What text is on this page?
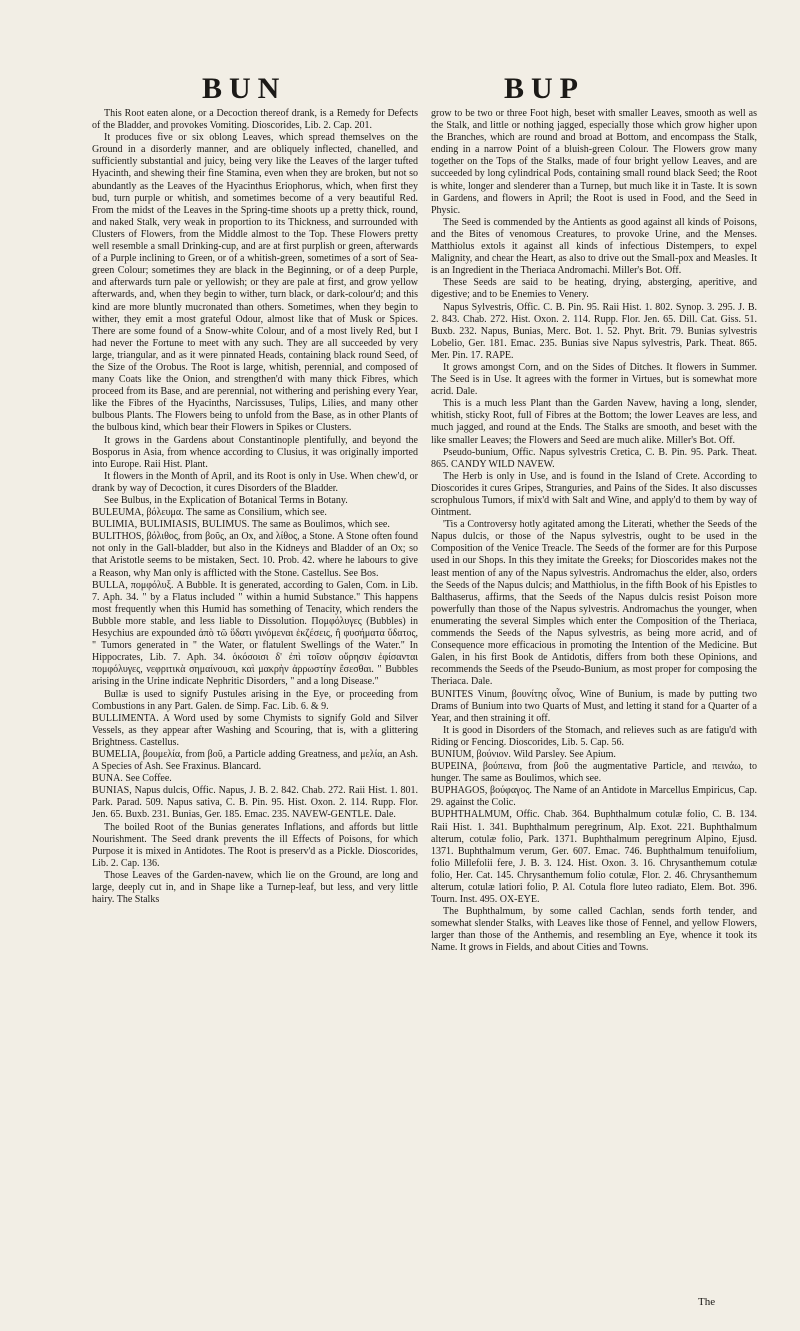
BUN	BUP

This Root eaten alone, or a Decoction thereof drank, is a Remedy for Defects of the Bladder, and provokes Vomiting. Dioscorides, Lib. 2. Cap. 201.

It produces five or six oblong Leaves, which spread themselves on the Ground in a disorderly manner, and are obliquely inflected, chanelled, and sufficiently substantial and juicy, being very like the Leaves of the larger tufted Hyacinth, and shewing their fine Stamina, even when they are broken, but not so abundantly as the Leaves of the Hyacinthus Eriophorus, which, when first they bud, turn purple or whitish, and sometimes become of a very beautiful Red. From the midst of the Leaves in the Spring-time shoots up a pretty thick, round, and naked Stalk, very weak in proportion to its Thickness, and surrounded with Clusters of Flowers, from the Middle almost to the Top. These Flowers pretty well resemble a small Drinking-cup, and are at first purplish or green, afterwards of a Purple inclining to Green, or of a whitish-green, sometimes of a sort of Sea-green Colour; sometimes they are black in the Beginning, or of a deep Purple, and afterwards turn pale or yellowish; or they are pale at first, and grow yellow afterwards, and, when they begin to wither, turn black, or dark-colour'd; and this kind are more bluntly mucronated than others. Sometimes, when they begin to wither, they emit a most grateful Odour, almost like that of Musk or Spices. There are some found of a Snow-white Colour, and of a most lively Red, but I had never the Fortune to meet with any such. They are all succeeded by very large, triangular, and as it were pinnated Heads, containing black round Seed, of the Size of the Orobus. The Root is large, whitish, perennial, and composed of many Coats like the Onion, and strengthen'd with many thick Fibres, which proceed from its Base, and are perennial, not withering and perishing every Year, like the Fibres of the Hyacinths, Narcissuses, Tulips, Lilies, and many other bulbous Plants. The Flowers being to unfold from the Base, as in other Plants of the bulbous kind, which bear their Flowers in Spikes or Clusters.

It grows in the Gardens about Constantinople plentifully, and beyond the Bosporus in Asia, from whence according to Clusius, it was originally imported into Europe. Raii Hist. Plant.

It flowers in the Month of April, and its Root is only in Use. When chew'd, or drank by way of Decoction, it cures Disorders of the Bladder.

See Bulbus, in the Explication of Botanical Terms in Botany.

BULEUMA, βόλευμα. The same as Consilium, which see.

BULIMIA, BULIMIASIS, BULIMUS. The same as Boulimos, which see.

BULITHOS, βόλιθος, from βοῦς, an Ox, and λίθος, a Stone. A Stone often found not only in the Gall-bladder, but also in the Kidneys and Bladder of an Ox; so that Aristotle seems to be mistaken, Sect. 10. Prob. 42. where he labours to give a Reason, why Man only is afflicted with the Stone. Castellus. See Bos.

BULLA, πομφόλυξ. A Bubble. It is generated, according to Galen, Com. in Lib. 7. Aph. 34. " by a Flatus included " within a humid Substance." This happens most frequently when this Humid has something of Tenacity, which renders the Bubble more stable, and less liable to Dissolution. Πομφόλυγες (Bubbles) in Hesychius are expounded ἀπὸ τῶ ὕδατι γινόμεναι ἐκζέσεις, ἢ φυσήματα ὕδατος, " Tumors generated in " the Water, or flatulent Swellings of the Water." In Hippocrates, Lib. 7. Aph. 34. ὁκόσοισι δ' ἐπὶ τοῖσιν οὔρησιν ἐφίσανται πομφόλυγες, νεφριτικὰ σημαίνουσι, καὶ μακρὴν ἀρρωστίην ἔσεσθαι. " Bubbles arising in the Urine indicate Nephritic Disorders, " and a long Disease."

Bullæ is used to signify Pustules arising in the Eye, or proceeding from Combustions in any Part. Galen. de Simp. Fac. Lib. 6. & 9.

BULLIMENTA. A Word used by some Chymists to signify Gold and Silver Vessels, as they appear after Washing and Scouring, that is, with a glittering Brightness. Castellus.

BUMELIA, βουμελία, from βοῦ, a Particle adding Greatness, and μελία, an Ash. A Species of Ash. See Fraxinus. Blancard.

BUNA. See Coffee.

BUNIAS, Napus dulcis, Offic. Napus, J. B. 2. 842. Chab. 272. Raii Hist. 1. 801. Park. Parad. 509. Napus sativa, C. B. Pin. 95. Hist. Oxon. 2. 114. Rupp. Flor. Jen. 65. Buxb. 231. Bunias, Ger. 185. Emac. 235. NAVEW-GENTLE. Dale.

The boiled Root of the Bunias generates Inflations, and affords but little Nourishment. The Seed drank prevents the ill Effects of Poisons, for which Purpose it is mixed in Antidotes. The Root is preserv'd as a Pickle. Dioscorides, Lib. 2. Cap. 136.

Those Leaves of the Garden-navew, which lie on the Ground, are long and large, deeply cut in, and in Shape like a Turnep-leaf, but less, and very little hairy. The Stalks

grow to be two or three Foot high, beset with smaller Leaves, smooth as well as the Stalk, and little or nothing jagged, especially those which grow higher upon the Branches, which are round and broad at Bottom, and encompass the Stalk, ending in a narrow Point of a bluish-green Colour. The Flowers grow many together on the Tops of the Stalks, made of four bright yellow Leaves, and are succeeded by long cylindrical Pods, containing small round black Seed; the Root is white, longer and slenderer than a Turnep, but much like it in Taste. It is sown in Gardens, and flowers in April; the Root is used in Food, and the Seed in Physic.

The Seed is commended by the Antients as good against all kinds of Poisons, and the Bites of venomous Creatures, to provoke Urine, and the Menses. Matthiolus extols it against all kinds of infectious Distempers, to expel Malignity, and chear the Heart, as also to drive out the Small-pox and Measles. It is an Ingredient in the Theriaca Andromachi. Miller's Bot. Off.

These Seeds are said to be heating, drying, absterging, aperitive, and digestive; and to be Enemies to Venery.

Napus Sylvestris, Offic. C. B. Pin. 95. Raii Hist. 1. 802. Synop. 3. 295. J. B. 2. 843. Chab. 272. Hist. Oxon. 2. 114. Rupp. Flor. Jen. 65. Dill. Cat. Giss. 51. Buxb. 232. Napus, Bunias, Merc. Bot. 1. 52. Phyt. Brit. 79. Bunias sylvestris Lobelio, Ger. 181. Emac. 235. Bunias sive Napus sylvestris, Park. Theat. 865. Mer. Pin. 17. RAPE.

It grows amongst Corn, and on the Sides of Ditches. It flowers in Summer. The Seed is in Use. It agrees with the former in Virtues, but is somewhat more acrid. Dale.

This is a much less Plant than the Garden Navew, having a long, slender, whitish, sticky Root, full of Fibres at the Bottom; the lower Leaves are less, and much jagged, and round at the Ends. The Stalks are smooth, and beset with the like smaller Leaves; the Flowers and Seed are much alike. Miller's Bot. Off.

Pseudo-bunium, Offic. Napus sylvestris Cretica, C. B. Pin. 95. Park. Theat. 865. CANDY WILD NAVEW.

The Herb is only in Use, and is found in the Island of Crete. According to Dioscorides it cures Gripes, Stranguries, and Pains of the Sides. It also discusses scrophulous Tumors, if mix'd with Salt and Wine, and apply'd to them by way of Ointment.

'Tis a Controversy hotly agitated among the Literati, whether the Seeds of the Napus dulcis, or those of the Napus sylvestris, ought to be used in the Composition of the Venice Treacle. The Seeds of the former are for this Purpose used in our Shops. In this they imitate the Greeks; for Dioscorides makes not the least mention of any of the Napus sylvestris. Andromachus the elder, also, orders the Seeds of the Napus dulcis; and Matthiolus, in the fifth Book of his Epistles to Balthaserus, affirms, that the Seeds of the Napus dulcis resist Poison more powerfully than those of the Napus sylvestris. Andromachus the younger, when enumerating the several Simples which enter the Composition of the Theriaca, commends the Seeds of the Napus sylvestris, as being more acrid, and of Consequence more efficacious in promoting the Intention of the Medicine. But Galen, in his first Book de Antidotis, differs from both these Opinions, and recommends the Seeds of the Pseudo-Bunium, as most proper for composing the Theriaca. Dale.

BUNITES Vinum, βουνίτης οἶνος, Wine of Bunium, is made by putting two Drams of Bunium into two Quarts of Must, and letting it stand for a Quarter of a Year, and then straining it off.

It is good in Disorders of the Stomach, and relieves such as are fatigu'd with Riding or Fencing. Dioscorides, Lib. 5. Cap. 56.

BUNIUM, βούνιον. Wild Parsley. See Apium.

BUPEINA, βούπεινα, from βοῦ the augmentative Particle, and πεινάω, to hunger. The same as Boulimos, which see.

BUPHAGOS, βούφαγος. The Name of an Antidote in Marcellus Empiricus, Cap. 29. against the Colic.

BUPHTHALMUM, Offic. Chab. 364. Buphthalmum cotulæ folio, C. B. 134. Raii Hist. 1. 341. Buphthalmum peregrinum, Alp. Exot. 221. Buphthalmum alterum, cotulæ folio, Park. 1371. Buphthalmum peregrinum Alpino, Ejusd. 1371. Buphthalmum verum, Ger. 607. Emac. 746. Buphthalmum tenuifolium, folio Millefolii fere, J. B. 3. 124. Hist. Oxon. 3. 16. Chrysanthemum cotulæ folio, Her. Cat. 145. Chrysanthemum folio cotulæ, Flor. 2. 46. Chrysanthemum alterum, cotulæ latiori folio, P. Al. Cotula flore luteo radiato, Elem. Bot. 396. Tourn. Inst. 495. OX-EYE.

The Buphthalmum, by some called Cachlan, sends forth tender, and somewhat slender Stalks, with Leaves like those of Fennel, and yellow Flowers, larger than those of the Anthemis, and resembling an Eye, whence it took its Name. It grows in Fields, and about Cities and Towns.

The
